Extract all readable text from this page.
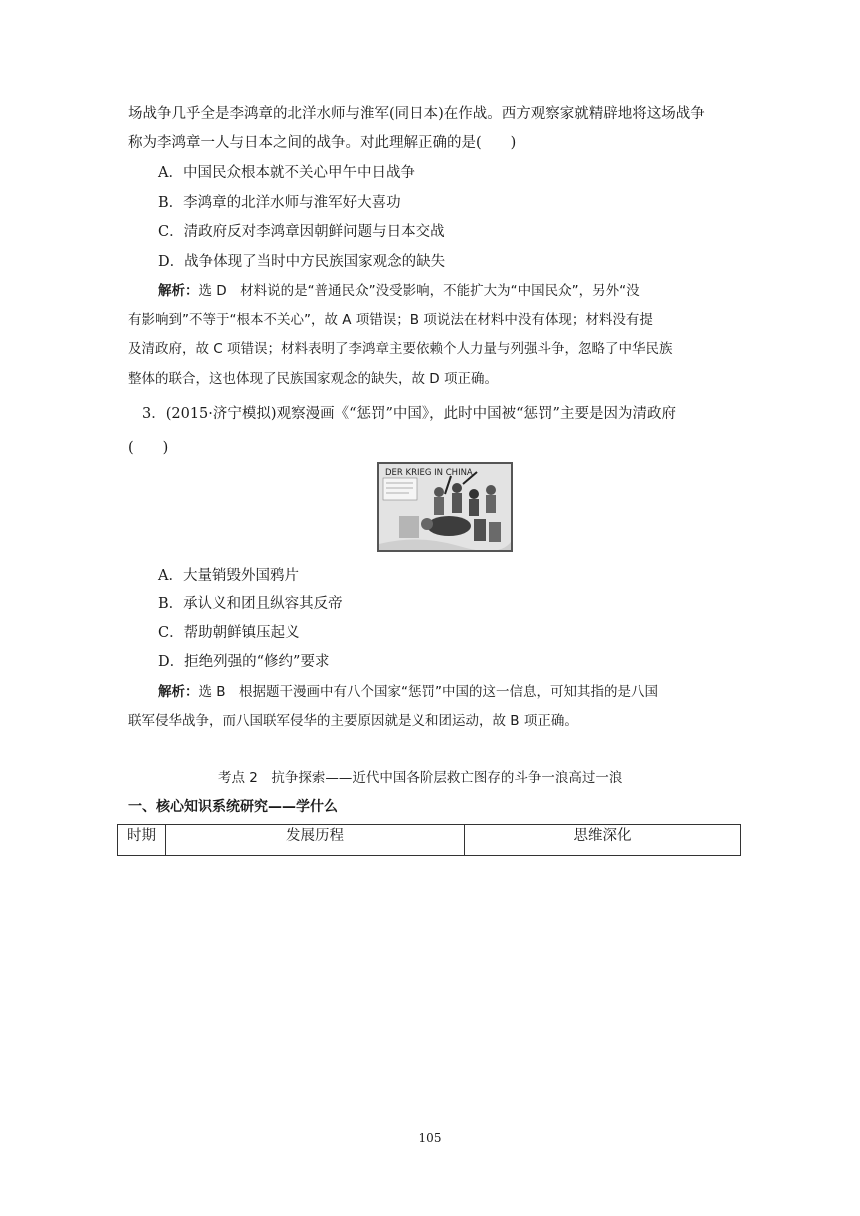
场战争几乎全是李鸿章的北洋水师与淮军(同日本)在作战。西方观察家就精辟地将这场战争
称为李鸿章一人与日本之间的战争。对此理解正确的是(　　)
A．中国民众根本就不关心甲午中日战争
B．李鸿章的北洋水师与淮军好大喜功
C．清政府反对李鸿章因朝鲜问题与日本交战
D．战争体现了当时中方民族国家观念的缺失
解析：选 D　材料说的是“普通民众”没受影响，不能扩大为“中国民众”，另外“没
有影响到”不等于“根本不关心”，故 A 项错误；B 项说法在材料中没有体现；材料没有提
及清政府，故 C 项错误；材料表明了李鸿章主要依赖个人力量与列强斗争，忽略了中华民族
整体的联合，这也体现了民族国家观念的缺失，故 D 项正确。
3．(2015·济宁模拟)观察漫画《“惩罚”中国》，此时中国被“惩罚”主要是因为清政府
(　　)
DER KRIEG IN CHINA
A．大量销毁外国鸦片
B．承认义和团且纵容其反帝
C．帮助朝鲜镇压起义
D．拒绝列强的“修约”要求
解析：选 B　根据题干漫画中有八个国家“惩罚”中国的这一信息，可知其指的是八国
联军侵华战争，而八国联军侵华的主要原因就是义和团运动，故 B 项正确。
考点 2　抗争探索——近代中国各阶层救亡图存的斗争一浪高过一浪
一、核心知识系统研究——学什么
时期	发展历程	思维深化
105
